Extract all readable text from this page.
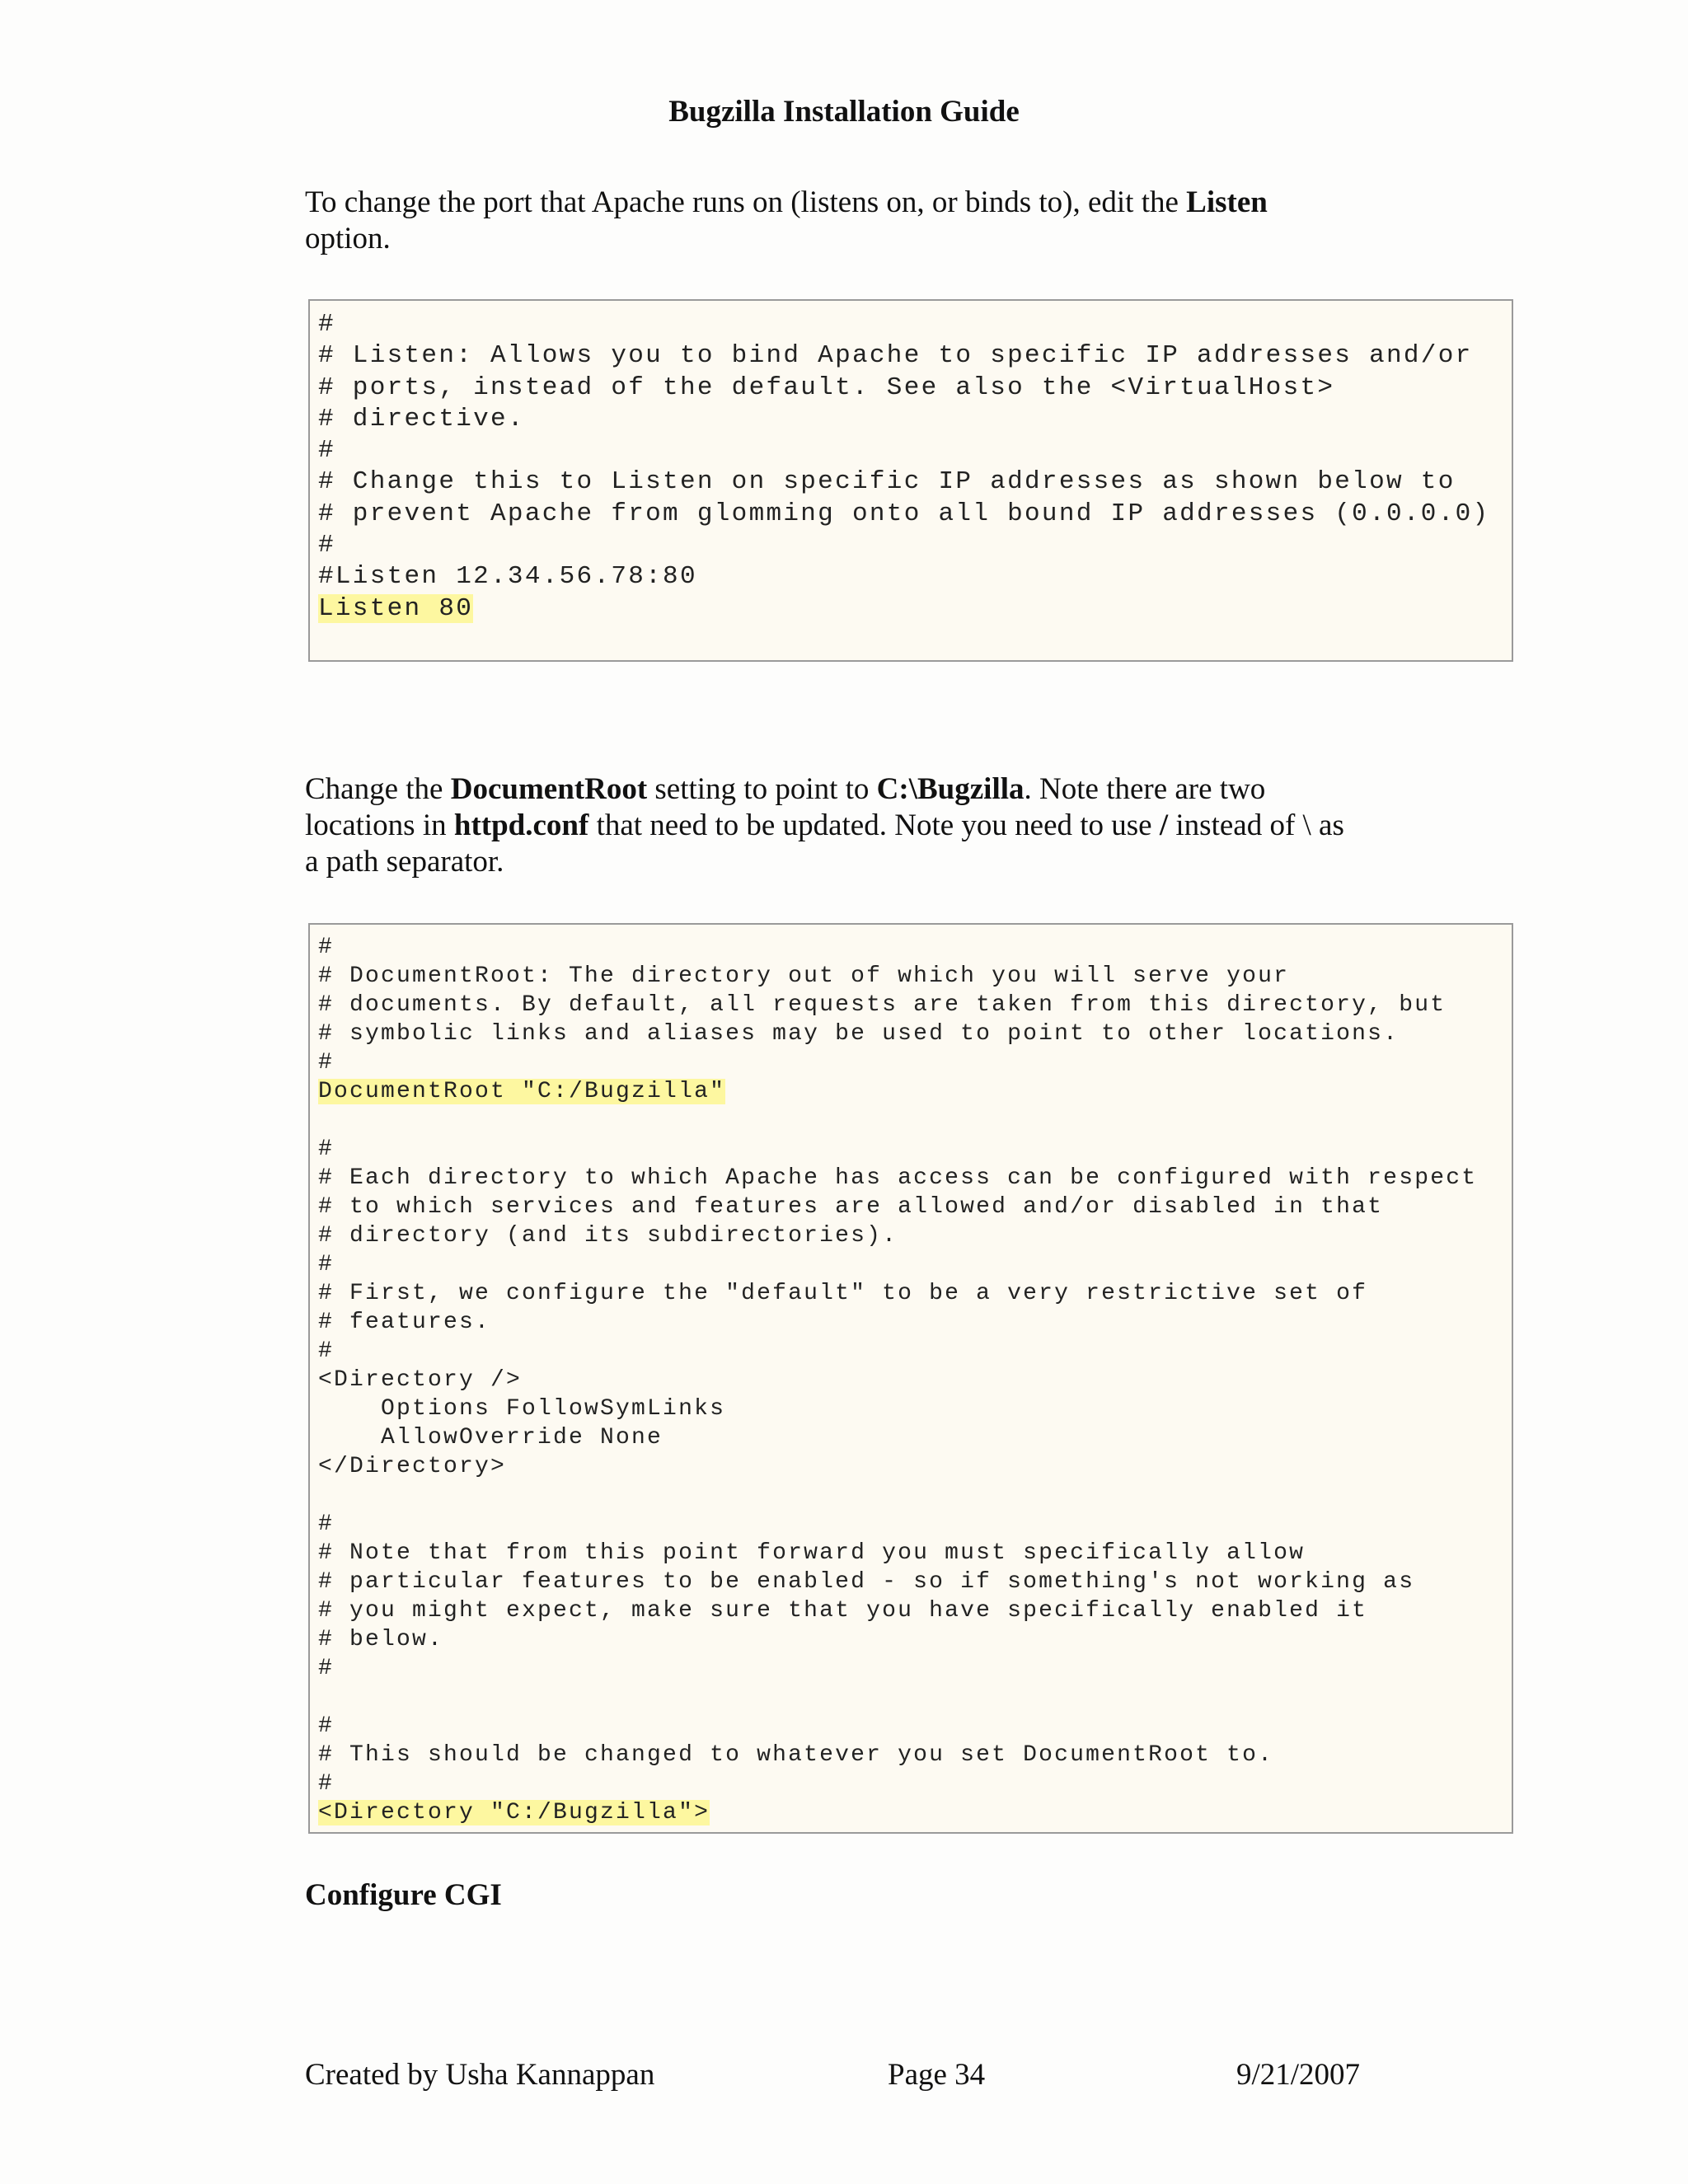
Bugzilla Installation Guide

To change the port that Apache runs on (listens on, or binds to), edit the Listen
option.

#
# Listen: Allows you to bind Apache to specific IP addresses and/or
# ports, instead of the default. See also the <VirtualHost>
# directive.
#
# Change this to Listen on specific IP addresses as shown below to
# prevent Apache from glomming onto all bound IP addresses (0.0.0.0)
#
#Listen 12.34.56.78:80
Listen 80

Change the DocumentRoot setting to point to C:\Bugzilla. Note there are two
locations in httpd.conf that need to be updated. Note you need to use / instead of \ as
a path separator.

#
# DocumentRoot: The directory out of which you will serve your
# documents. By default, all requests are taken from this directory, but
# symbolic links and aliases may be used to point to other locations.
#
DocumentRoot "C:/Bugzilla"

#
# Each directory to which Apache has access can be configured with respect
# to which services and features are allowed and/or disabled in that
# directory (and its subdirectories).
#
# First, we configure the "default" to be a very restrictive set of
# features.
#
<Directory />
Options FollowSymLinks
AllowOverride None
</Directory>

#
# Note that from this point forward you must specifically allow
# particular features to be enabled - so if something's not working as
# you might expect, make sure that you have specifically enabled it
# below.
#

#
# This should be changed to whatever you set DocumentRoot to.
#
<Directory "C:/Bugzilla">
Configure CGI
Created by Usha Kannappan	Page 34	9/21/2007
